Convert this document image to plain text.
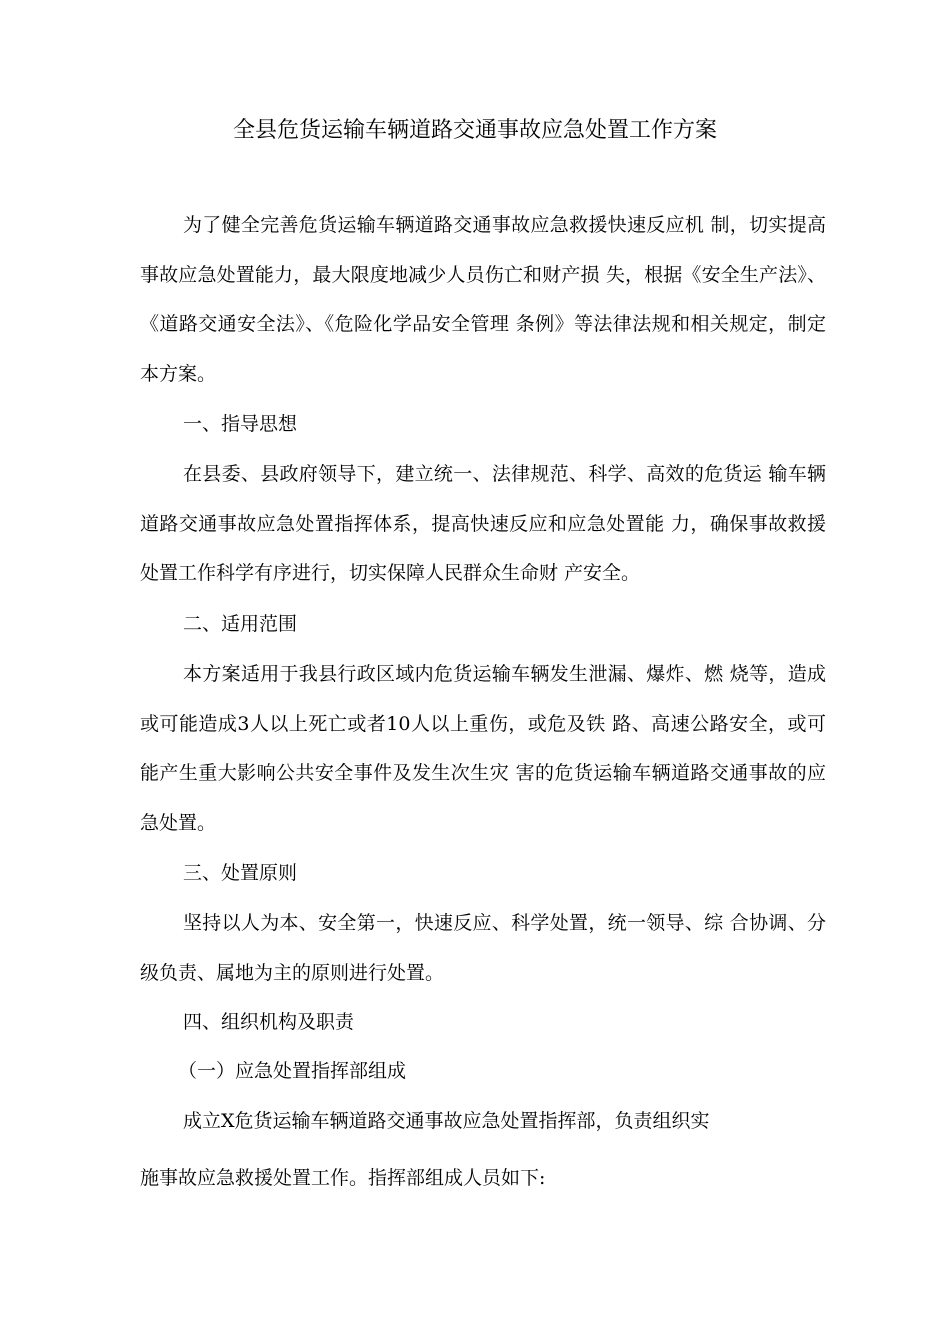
全县危货运输车辆道路交通事故应急处置工作方案

为了健全完善危货运输车辆道路交通事故应急救援快速反应机 制，切实提高事故应急处置能力，最大限度地减少人员伤亡和财产损 失，根据《安全生产法》、《道路交通安全法》、《危险化学品安全管理 条例》等法律法规和相关规定，制定本方案。

一、指导思想

在县委、县政府领导下，建立统一、法律规范、科学、高效的危货运 输车辆道路交通事故应急处置指挥体系，提高快速反应和应急处置能 力，确保事故救援处置工作科学有序进行，切实保障人民群众生命财 产安全。

二、适用范围

本方案适用于我县行政区域内危货运输车辆发生泄漏、爆炸、燃 烧等，造成或可能造成3人以上死亡或者10人以上重伤，或危及铁 路、高速公路安全，或可能产生重大影响公共安全事件及发生次生灾 害的危货运输车辆道路交通事故的应急处置。

三、处置原则

坚持以人为本、安全第一，快速反应、科学处置，统一领导、综 合协调、分级负责、属地为主的原则进行处置。

四、组织机构及职责
（一）应急处置指挥部组成
成立X危货运输车辆道路交通事故应急处置指挥部，负责组织实
施事故应急救援处置工作。指挥部组成人员如下:
